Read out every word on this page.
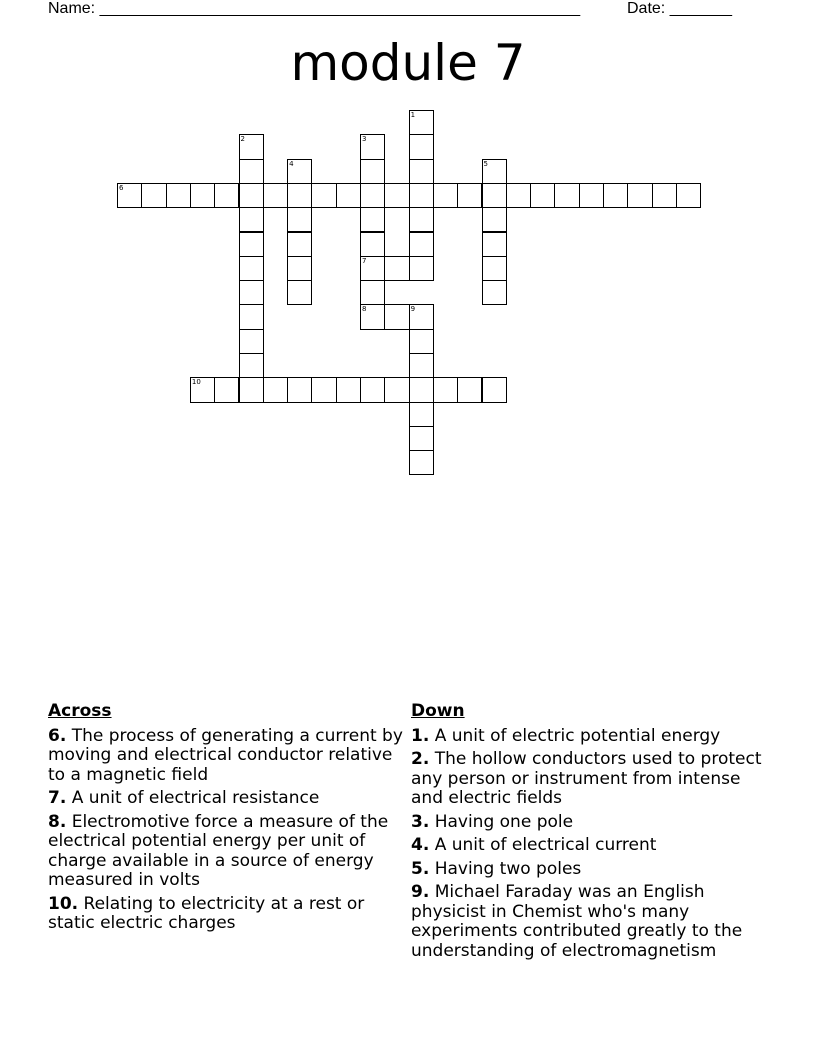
Name: ______________________________________________________	Date: _______
module 7
1
2	3
7
8
4	5
6
9
10
Across
6. The process of generating a current by moving and electrical conductor relative to a magnetic field
7. A unit of electrical resistance
8. Electromotive force a measure of the electrical potential energy per unit of charge available in a source of energy measured in volts
10. Relating to electricity at a rest or static electric charges
Down
1. A unit of electric potential energy
2. The hollow conductors used to protect any person or instrument from intense and electric fields
3. Having one pole
4. A unit of electrical current
5. Having two poles
9. Michael Faraday was an English physicist in Chemist who's many experiments contributed greatly to the understanding of electromagnetism
